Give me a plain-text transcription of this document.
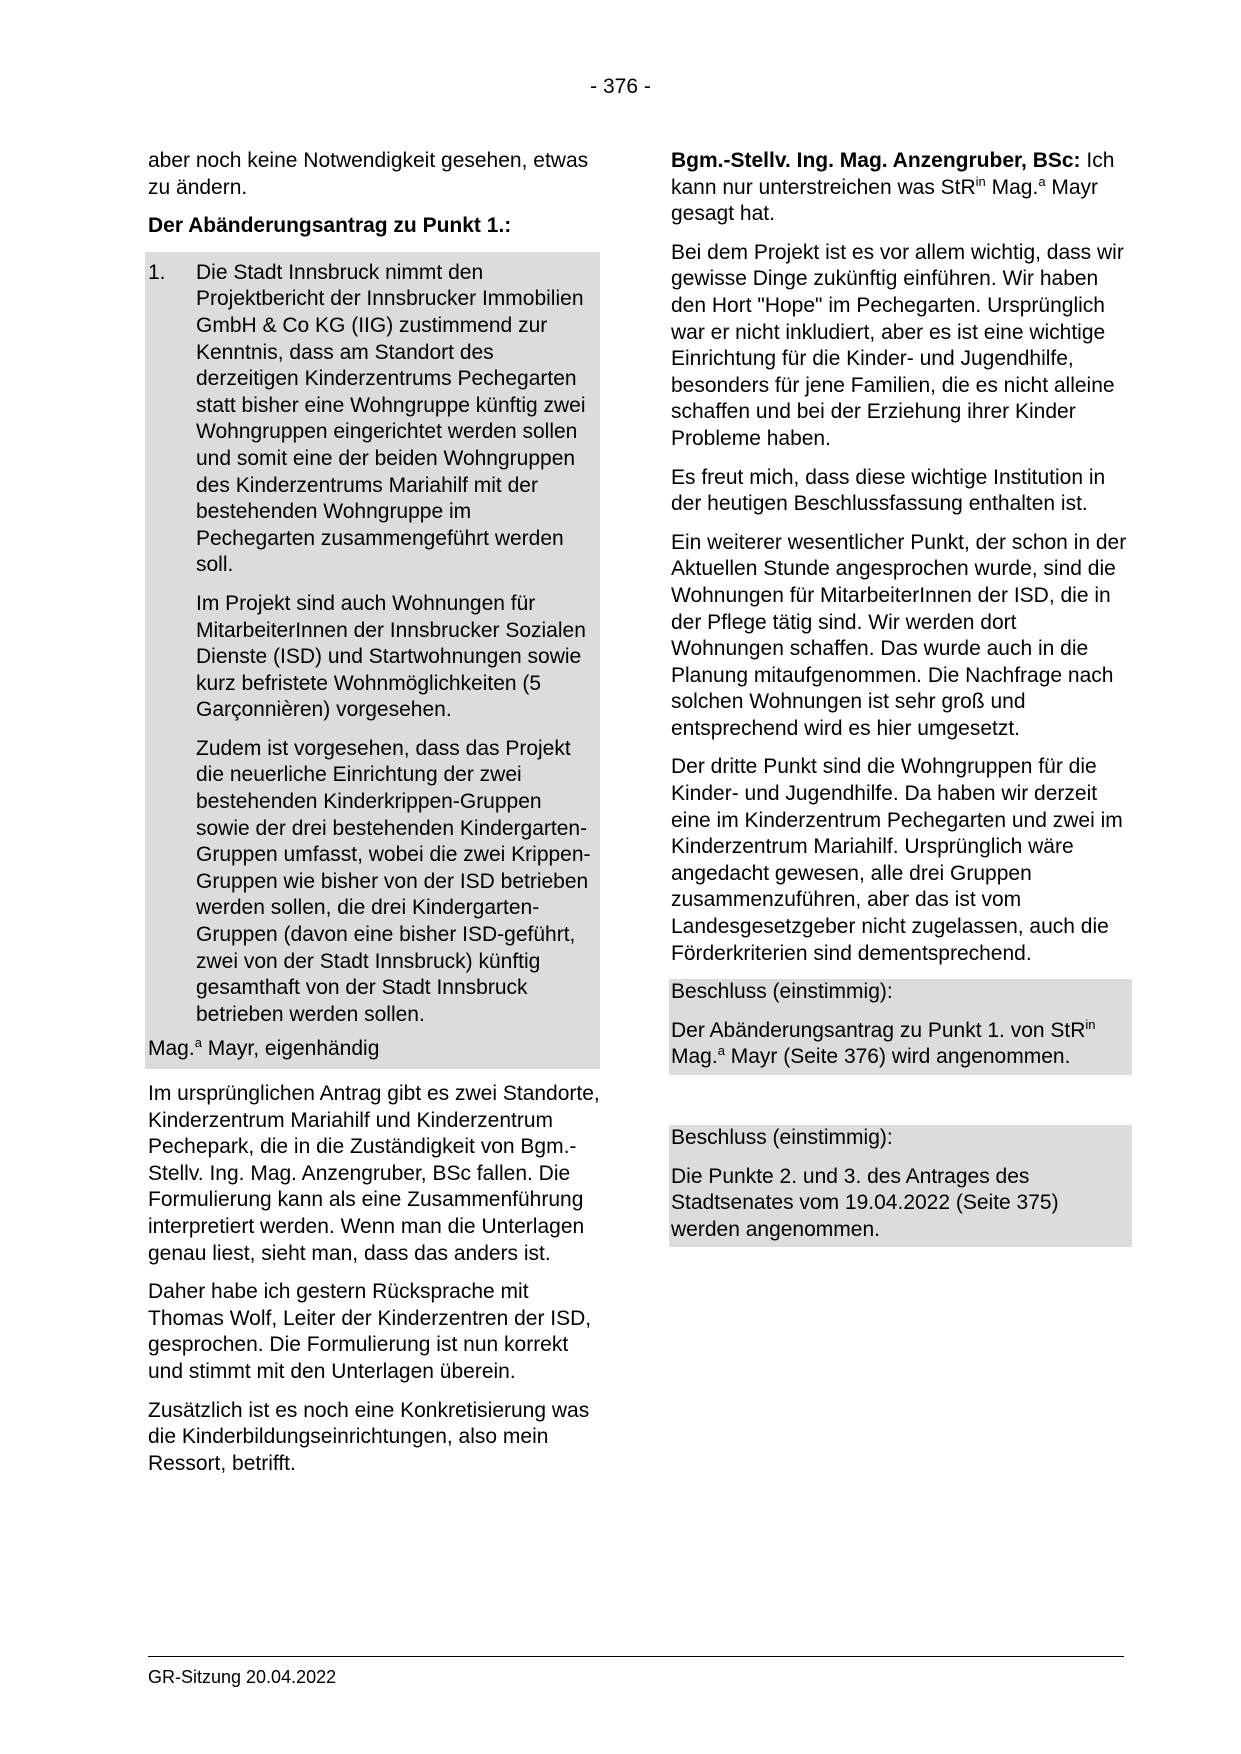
- 376 -

aber noch keine Notwendigkeit gesehen, etwas zu ändern.

Der Abänderungsantrag zu Punkt 1.:

1.	Die Stadt Innsbruck nimmt den Projektbericht der Innsbrucker Immobilien GmbH & Co KG (IIG) zustimmend zur Kenntnis, dass am Standort des derzeitigen Kinderzentrums Pechegarten statt bisher eine Wohngruppe künftig zwei Wohngruppen eingerichtet werden sollen und somit eine der beiden Wohngruppen des Kinderzentrums Mariahilf mit der bestehenden Wohngruppe im Pechegarten zusammengeführt werden soll.

Im Projekt sind auch Wohnungen für MitarbeiterInnen der Innsbrucker Sozialen Dienste (ISD) und Startwohnungen sowie kurz befristete Wohnmöglichkeiten (5 Garçonnièren) vorgesehen.

Zudem ist vorgesehen, dass das Projekt die neuerliche Einrichtung der zwei bestehenden Kinderkrippen-Gruppen sowie der drei bestehenden Kindergarten-Gruppen umfasst, wobei die zwei Krippen-Gruppen wie bisher von der ISD betrieben werden sollen, die drei Kindergarten-Gruppen (davon eine bisher ISD-geführt, zwei von der Stadt Innsbruck) künftig gesamthaft von der Stadt Innsbruck betrieben werden sollen.

Mag.$^a$ Mayr, eigenhändig

Im ursprünglichen Antrag gibt es zwei Standorte, Kinderzentrum Mariahilf und Kinderzentrum Pechepark, die in die Zuständigkeit von Bgm.-Stellv. Ing. Mag. Anzengruber, BSc fallen. Die Formulierung kann als eine Zusammenführung interpretiert werden. Wenn man die Unterlagen genau liest, sieht man, dass das anders ist.

Daher habe ich gestern Rücksprache mit Thomas Wolf, Leiter der Kinderzentren der ISD, gesprochen. Die Formulierung ist nun korrekt und stimmt mit den Unterlagen überein.

Zusätzlich ist es noch eine Konkretisierung was die Kinderbildungseinrichtungen, also mein Ressort, betrifft.

Bgm.-Stellv. Ing. Mag. Anzengruber, BSc: Ich kann nur unterstreichen was StR$^{in}$ Mag.$^a$ Mayr gesagt hat.

Bei dem Projekt ist es vor allem wichtig, dass wir gewisse Dinge zukünftig einführen. Wir haben den Hort "Hope" im Pechegarten. Ursprünglich war er nicht inkludiert, aber es ist eine wichtige Einrichtung für die Kinder- und Jugendhilfe, besonders für jene Familien, die es nicht alleine schaffen und bei der Erziehung ihrer Kinder Probleme haben.

Es freut mich, dass diese wichtige Institution in der heutigen Beschlussfassung enthalten ist.

Ein weiterer wesentlicher Punkt, der schon in der Aktuellen Stunde angesprochen wurde, sind die Wohnungen für MitarbeiterInnen der ISD, die in der Pflege tätig sind. Wir werden dort Wohnungen schaffen. Das wurde auch in die Planung mitaufgenommen. Die Nachfrage nach solchen Wohnungen ist sehr groß und entsprechend wird es hier umgesetzt.

Der dritte Punkt sind die Wohngruppen für die Kinder- und Jugendhilfe. Da haben wir derzeit eine im Kinderzentrum Pechegarten und zwei im Kinderzentrum Mariahilf. Ursprünglich wäre angedacht gewesen, alle drei Gruppen zusammenzuführen, aber das ist vom Landesgesetzgeber nicht zugelassen, auch die Förderkriterien sind dementsprechend.

Beschluss (einstimmig):

Der Abänderungsantrag zu Punkt 1. von StR$^{in}$ Mag.$^a$ Mayr (Seite 376) wird angenommen.

Beschluss (einstimmig):

Die Punkte 2. und 3. des Antrages des Stadtsenates vom 19.04.2022 (Seite 375) werden angenommen.

GR-Sitzung 20.04.2022
